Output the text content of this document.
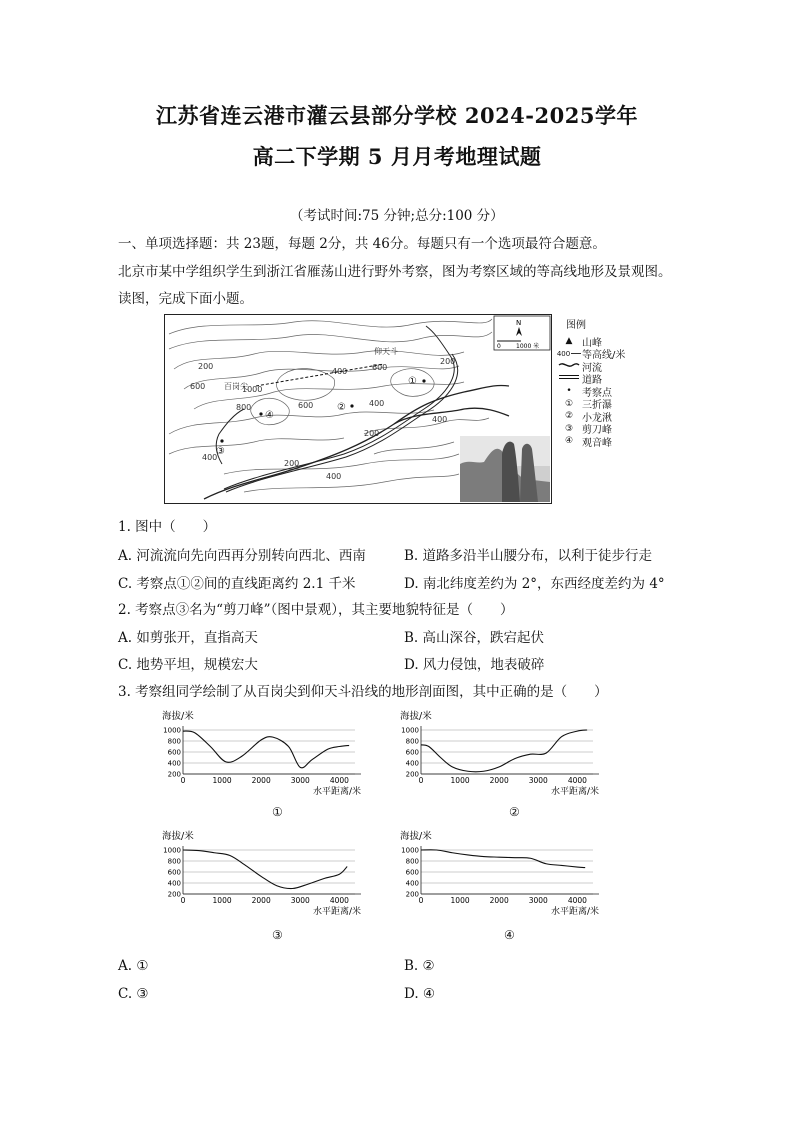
江苏省连云港市灌云县部分学校 2024-2025学年
高二下学期 5 月月考地理试题
（考试时间:75 分钟;总分:100 分）
一、单项选择题：共 23题，每题 2分，共 46分。每题只有一个选项最符合题意。
北京市某中学组织学生到浙江省雁荡山进行野外考察，图为考察区域的等高线地形及景观图。
读图，完成下面小题。
百岗尖
仰天斗
200
600	1000
800	600
400	600
200
400
200
400
400
400
200
①
②
③
④
N
0	1000 米
图例
▲ 山峰
400	等高线/米
河流
道路
•	考察点
① 三折瀑
② 小龙湫
③ 剪刀峰
④ 观音峰
1. 图中（　　）
A. 河流流向先向西再分别转向西北、西南	B. 道路多沿半山腰分布，以利于徒步行走
C. 考察点①②间的直线距离约 2.1 千米	D. 南北纬度差约为 2°，东西经度差约为 4°
2. 考察点③名为“剪刀峰”（图中景观），其主要地貌特征是（　　）
A. 如剪张开，直指高天	B. 高山深谷，跌宕起伏
C. 地势平坦，规模宏大	D. 风力侵蚀，地表破碎
3. 考察组同学绘制了从百岗尖到仰天斗沿线的地形剖面图，其中正确的是（　　）
海拔/米
1000
800
600
400
200
0	1000	2000	3000	4000
水平距离/米
海拔/米
1000
800
600
400
200
0	1000	2000	3000	4000
水平距离/米
海拔/米
1000
800
600
400
200
0	1000	2000	3000	4000
水平距离/米
海拔/米
1000
800
600
400
200
0	1000	2000	3000	4000
水平距离/米
①	②
③	④
A. ①	B. ②
C. ③	D. ④
